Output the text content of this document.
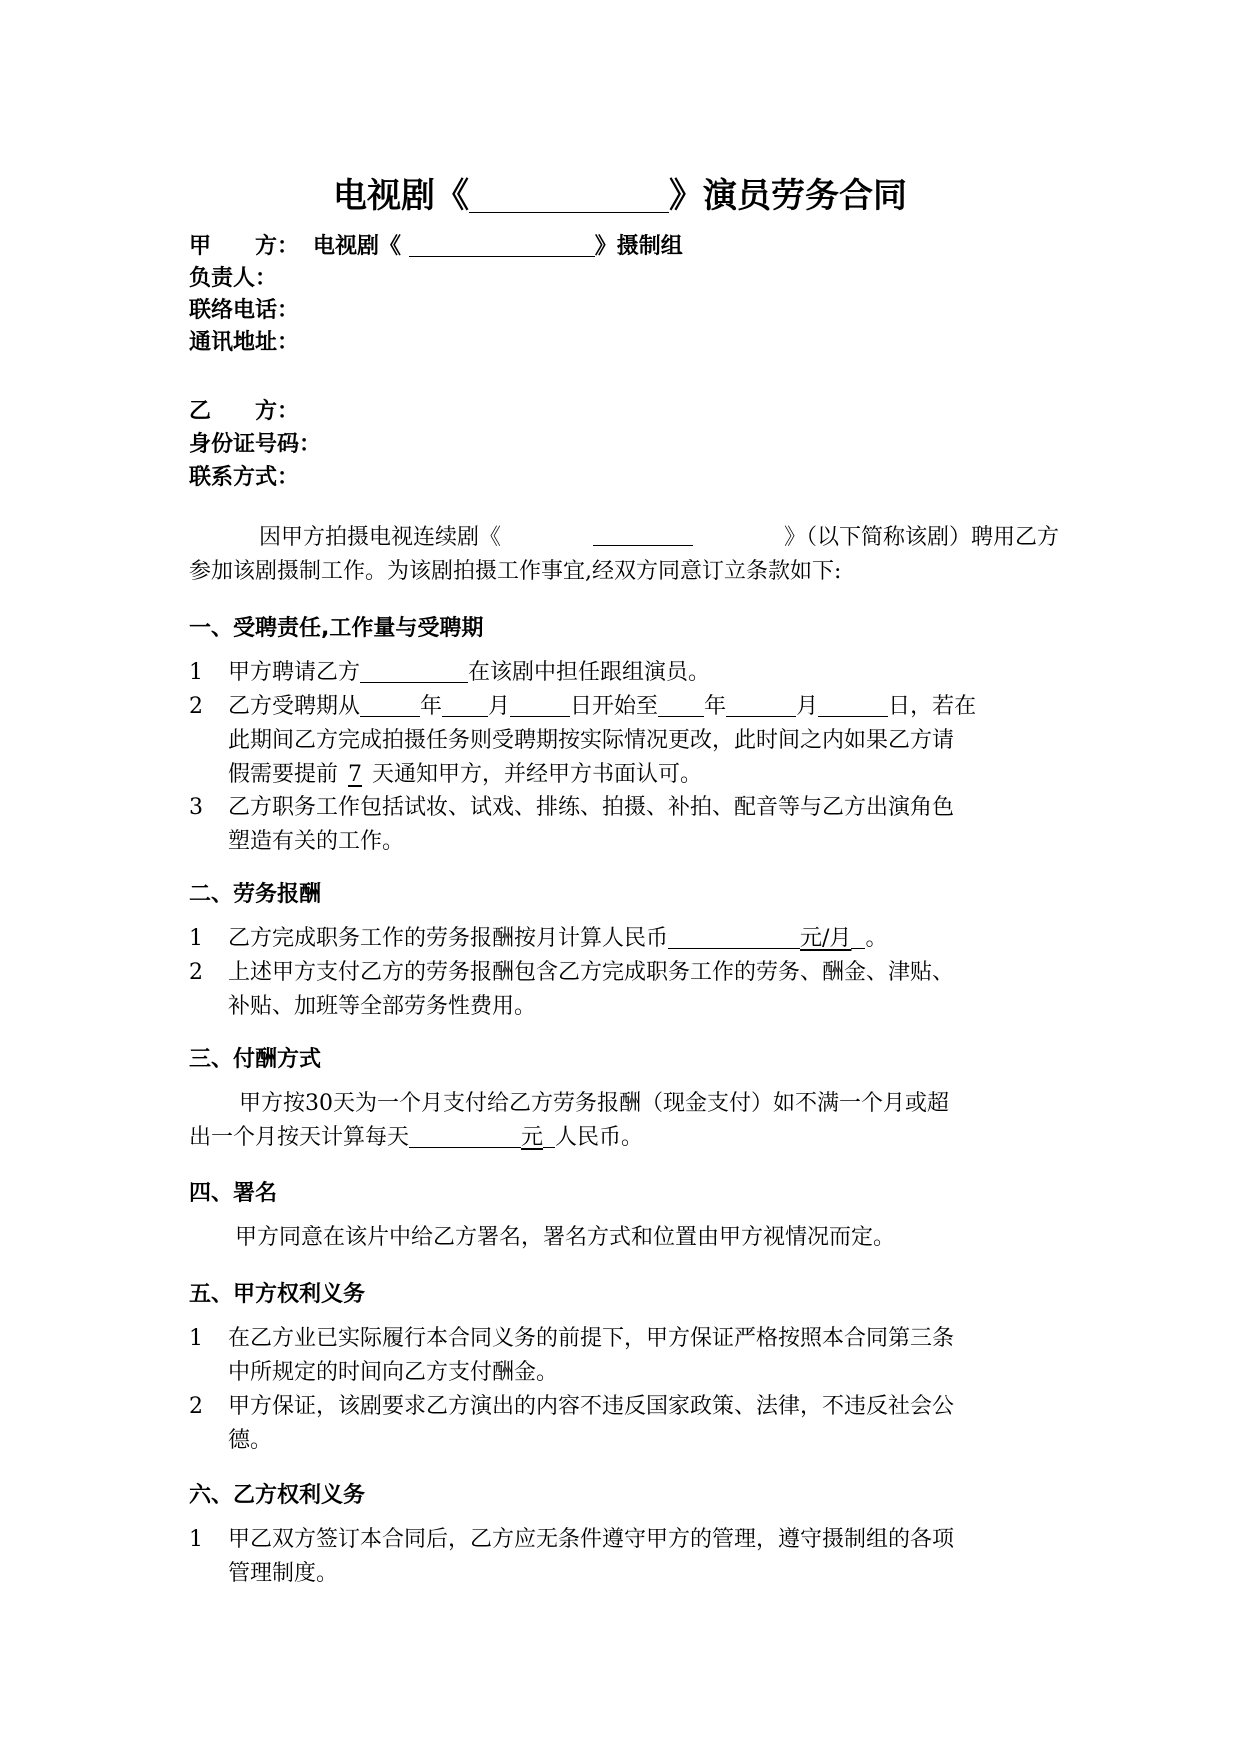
电视剧《	》演员劳务合同
甲　　方： 电视剧《	》摄制组
负责人：
联络电话：
通讯地址：
乙　　方：
身份证号码：
联系方式：
因甲方拍摄电视连续剧《	》（以下简称该剧）聘用乙方
参加该剧摄制工作。为该剧拍摄工作事宜,经双方同意订立条款如下:
一、受聘责任,工作量与受聘期
1 甲方聘请乙方	在该剧中担任跟组演员。
2 乙方受聘期从	年 月	日开始至 年	月	日，若在
此期间乙方完成拍摄任务则受聘期按实际情况更改，此时间之内如果乙方请
假需要提前 7 天通知甲方，并经甲方书面认可。
3 乙方职务工作包括试妆、试戏、排练、拍摄、补拍、配音等与乙方出演角色
塑造有关的工作。
二、劳务报酬
1 乙方完成职务工作的劳务报酬按月计算人民币	元/月 。
2 上述甲方支付乙方的劳务报酬包含乙方完成职务工作的劳务、酬金、津贴、
补贴、加班等全部劳务性费用。
三、付酬方式
甲方按30天为一个月支付给乙方劳务报酬（现金支付）如不满一个月或超
出一个月按天计算每天	元 人民币。
四、署名
甲方同意在该片中给乙方署名，署名方式和位置由甲方视情况而定。
五、甲方权利义务
1 在乙方业已实际履行本合同义务的前提下，甲方保证严格按照本合同第三条
中所规定的时间向乙方支付酬金。
2 甲方保证，该剧要求乙方演出的内容不违反国家政策、法律，不违反社会公
德。
六、乙方权利义务
1 甲乙双方签订本合同后，乙方应无条件遵守甲方的管理，遵守摄制组的各项
管理制度。
